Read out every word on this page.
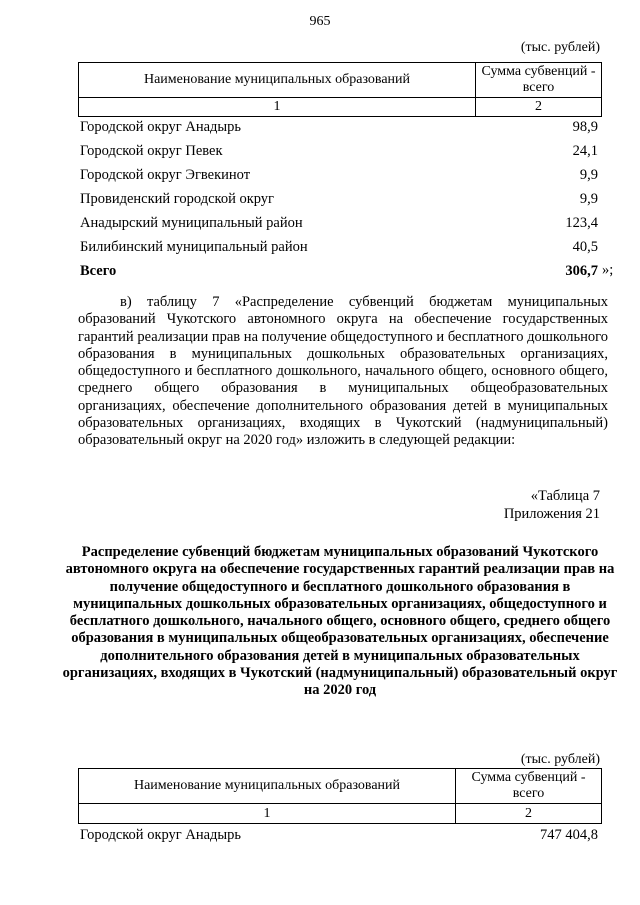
965
(тыс. рублей)
Наименование муниципальных образований	Сумма субвенций - всего
1	2
Городской округ Анадырь	98,9
Городской округ Певек	24,1
Городской округ Эгвекинот	9,9
Провиденский городской округ	9,9
Анадырский муниципальный район	123,4
Билибинский муниципальный район	40,5
Всего	306,7 »;
в) таблицу 7 «Распределение субвенций бюджетам муниципальных образований Чукотского автономного округа на обеспечение государственных гарантий реализации прав на получение общедоступного и бесплатного дошкольного образования в муниципальных дошкольных образовательных организациях, общедоступного и бесплатного дошкольного, начального общего, основного общего, среднего общего образования в муниципальных общеобразовательных организациях, обеспечение дополнительного образования детей в муниципальных образовательных организациях, входящих в Чукотский (надмуниципальный) образовательный округ на 2020 год» изложить в следующей редакции:
«Таблица 7
Приложения 21
Распределение субвенций бюджетам муниципальных образований Чукотского автономного округа на обеспечение государственных гарантий реализации прав на получение общедоступного и бесплатного дошкольного образования в муниципальных дошкольных образовательных организациях, общедоступного и бесплатного дошкольного, начального общего, основного общего, среднего общего образования в муниципальных общеобразовательных организациях, обеспечение дополнительного образования детей в муниципальных образовательных организациях, входящих в Чукотский (надмуниципальный) образовательный округ на 2020 год
(тыс. рублей)
Наименование муниципальных образований	Сумма субвенций - всего
1	2
Городской округ Анадырь	747 404,8
